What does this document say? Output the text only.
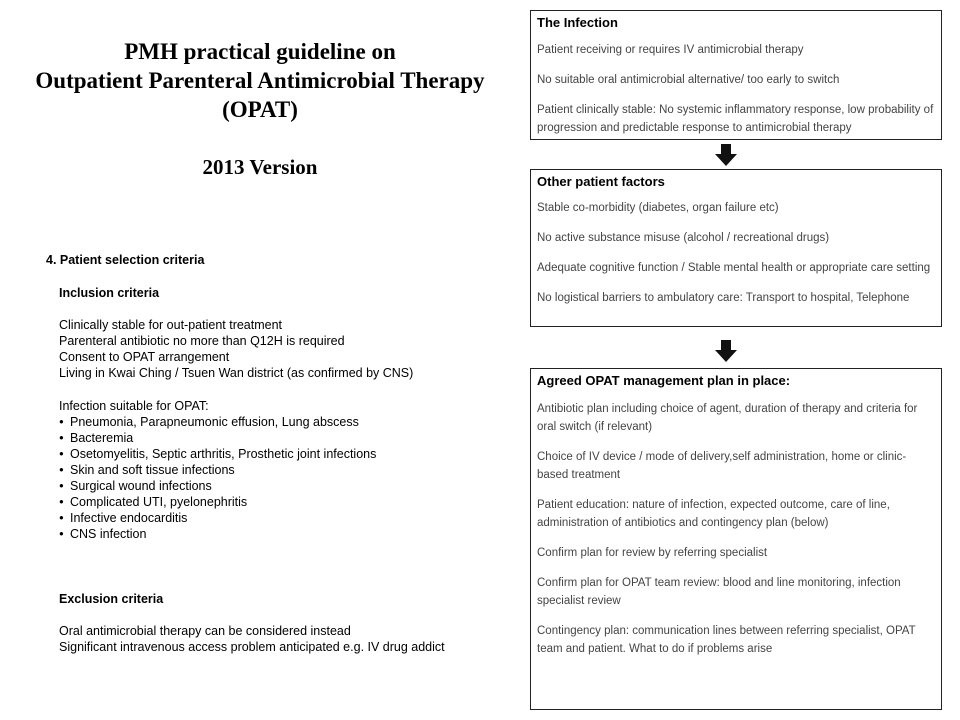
PMH practical guideline on
Outpatient Parenteral Antimicrobial Therapy
(OPAT)
2013 Version
4. Patient selection criteria
Inclusion criteria
Clinically stable for out-patient treatment
Parenteral antibiotic no more than Q12H is required
Consent to OPAT arrangement
Living in Kwai Ching / Tsuen Wan district (as confirmed by CNS)
Infection suitable for OPAT:
● Pneumonia, Parapneumonic effusion, Lung abscess
● Bacteremia
● Osetomyelitis, Septic arthritis, Prosthetic joint infections
● Skin and soft tissue infections
● Surgical wound infections
● Complicated UTI, pyelonephritis
● Infective endocarditis
● CNS infection
Exclusion criteria
Oral antimicrobial therapy can be considered instead
Significant intravenous access problem anticipated e.g. IV drug addict
The Infection
Patient receiving or requires IV antimicrobial therapy
No suitable oral antimicrobial alternative/ too early to switch
Patient clinically stable: No systemic inflammatory response, low probability of progression and predictable response to antimicrobial therapy
Other patient factors
Stable co-morbidity (diabetes, organ failure etc)
No active substance misuse (alcohol / recreational drugs)
Adequate cognitive function / Stable mental health or appropriate care setting
No logistical barriers to ambulatory care: Transport to hospital, Telephone
Agreed OPAT management plan in place:
Antibiotic plan including choice of agent, duration of therapy and criteria for oral switch (if relevant)
Choice of IV device / mode of delivery,self administration, home or clinic-based treatment
Patient education: nature of infection, expected outcome, care of line, administration of antibiotics and contingency plan (below)
Confirm plan for review by referring specialist
Confirm plan for OPAT team review: blood and line monitoring, infection specialist review
Contingency plan: communication lines between referring specialist, OPAT team and patient. What to do if problems arise
